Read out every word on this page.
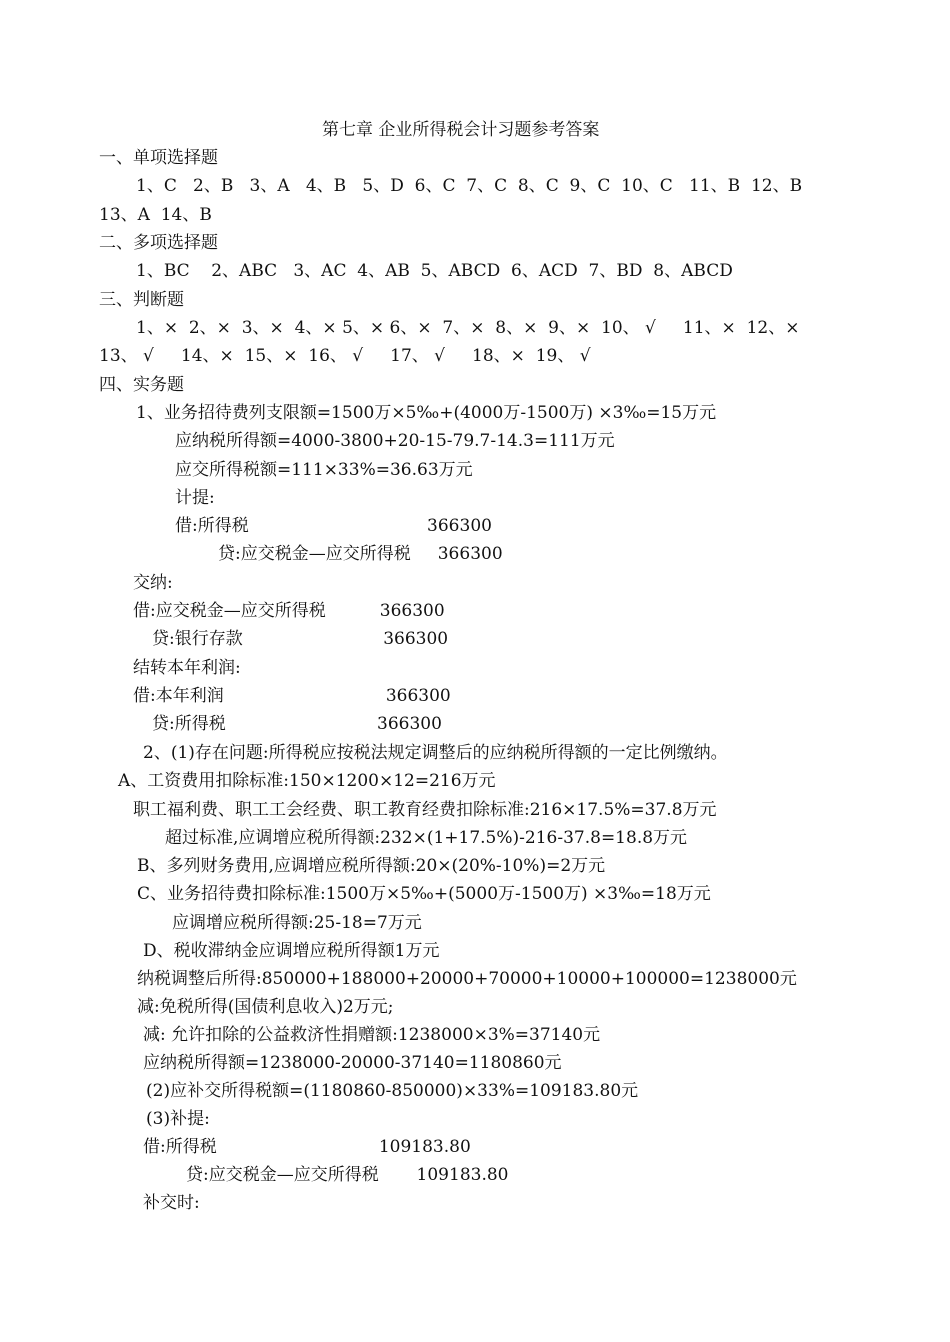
第七章 企业所得税会计习题参考答案
一、单项选择题
1、C   2、B   3、A   4、B   5、D  6、C  7、C  8、C  9、C  10、C   11、B  12、B
13、A  14、B
二、多项选择题
1、BC    2、ABC   3、AC  4、AB  5、ABCD  6、ACD  7、BD  8、ABCD
三、判断题
1、×  2、×  3、×  4、× 5、× 6、×  7、×  8、×  9、×  10、 √     11、×  12、×
13、 √     14、×  15、×  16、 √     17、 √     18、×  19、 √
四、实务题
1、业务招待费列支限额=1500万×5‰+(4000万-1500万) ×3‰=15万元
应纳税所得额=4000-3800+20-15-79.7-14.3=111万元
应交所得税额=111×33%=36.63万元
计提:
借:所得税                                 366300
贷:应交税金—应交所得税     366300
交纳:
借:应交税金—应交所得税          366300
贷:银行存款                          366300
结转本年利润:
借:本年利润                              366300
贷:所得税                            366300
2、(1)存在问题:所得税应按税法规定调整后的应纳税所得额的一定比例缴纳。
A、工资费用扣除标准:150×1200×12=216万元
职工福利费、职工工会经费、职工教育经费扣除标准:216×17.5%=37.8万元
超过标准,应调增应税所得额:232×(1+17.5%)-216-37.8=18.8万元
B、多列财务费用,应调增应税所得额:20×(20%-10%)=2万元
C、业务招待费扣除标准:1500万×5‰+(5000万-1500万) ×3‰=18万元
应调增应税所得额:25-18=7万元
D、税收滞纳金应调增应税所得额1万元
纳税调整后所得:850000+188000+20000+70000+10000+100000=1238000元
减:免税所得(国债利息收入)2万元;
减: 允许扣除的公益救济性捐赠额:1238000×3%=37140元
应纳税所得额=1238000-20000-37140=1180860元
(2)应补交所得税额=(1180860-850000)×33%=109183.80元
(3)补提:
借:所得税                              109183.80
贷:应交税金—应交所得税       109183.80
补交时:
